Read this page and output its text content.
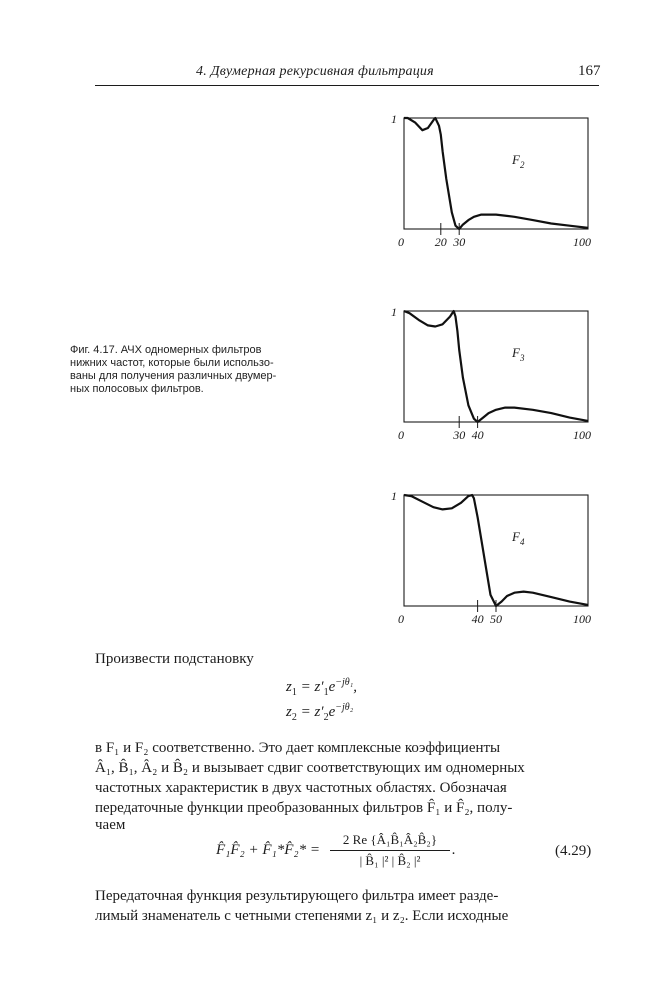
4. Двумерная рекурсивная фильтрация	167
1
0	20 30	100
$F_2$
1
0	30 40	100
$F_3$
1
0	40 50	100
$F_4$
Фиг. 4.17. АЧХ одномерных фильтров
нижних частот, которые были использо-
ваны для получения различных двумер-
ных полосовых фильтров.
Произвести подстановку
$z_1 = z'_1e^{-j\theta_1}$,
$z_2 = z'_2e^{-j\theta_2}$
в F₁ и F₂ соответственно. Это дает комплексные коэффициенты
Â₁, B̂₁, Â₂ и B̂₂ и вызывает сдвиг соответствующих им одномерных
частотных характеристик в двух частотных областях. Обозначая
передаточные функции преобразованных фильтров F̂₁ и F̂₂, полу-
чаем
F̂₁F̂₂ + F̂₁*F̂₂* =
2 Re {Â₁B̂₁Â₂B̂₂}
| B̂₁ |² | B̂₂ |²
.	(4.29)
Передаточная функция результирующего фильтра имеет разде-
лимый знаменатель с четными степенями z₁ и z₂. Если исходные
